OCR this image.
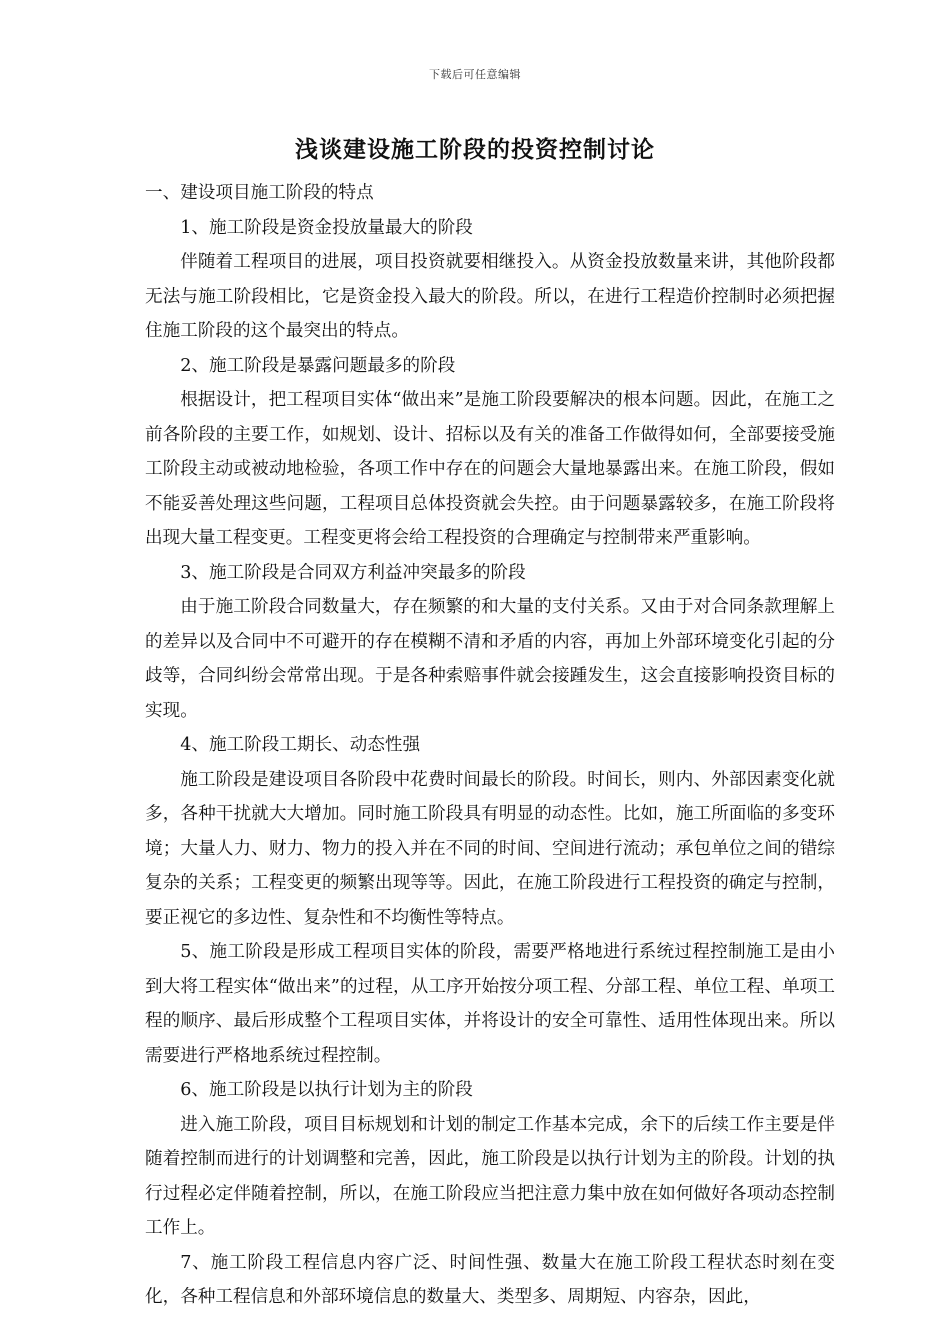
下载后可任意编辑
浅谈建设施工阶段的投资控制讨论

一、建设项目施工阶段的特点

1、施工阶段是资金投放量最大的阶段

伴随着工程项目的进展，项目投资就要相继投入。从资金投放数量来讲，其他阶段都无法与施工阶段相比，它是资金投入最大的阶段。所以，在进行工程造价控制时必须把握住施工阶段的这个最突出的特点。

2、施工阶段是暴露问题最多的阶段

根据设计，把工程项目实体“做出来”是施工阶段要解决的根本问题。因此，在施工之前各阶段的主要工作，如规划、设计、招标以及有关的准备工作做得如何，全部要接受施工阶段主动或被动地检验，各项工作中存在的问题会大量地暴露出来。在施工阶段，假如不能妥善处理这些问题，工程项目总体投资就会失控。由于问题暴露较多，在施工阶段将出现大量工程变更。工程变更将会给工程投资的合理确定与控制带来严重影响。

3、施工阶段是合同双方利益冲突最多的阶段

由于施工阶段合同数量大，存在频繁的和大量的支付关系。又由于对合同条款理解上的差异以及合同中不可避开的存在模糊不清和矛盾的内容，再加上外部环境变化引起的分歧等，合同纠纷会常常出现。于是各种索赔事件就会接踵发生，这会直接影响投资目标的实现。

4、施工阶段工期长、动态性强

施工阶段是建设项目各阶段中花费时间最长的阶段。时间长，则内、外部因素变化就多，各种干扰就大大增加。同时施工阶段具有明显的动态性。比如，施工所面临的多变环境；大量人力、财力、物力的投入并在不同的时间、空间进行流动；承包单位之间的错综复杂的关系；工程变更的频繁出现等等。因此，在施工阶段进行工程投资的确定与控制，要正视它的多边性、复杂性和不均衡性等特点。

5、施工阶段是形成工程项目实体的阶段，需要严格地进行系统过程控制施工是由小到大将工程实体“做出来”的过程，从工序开始按分项工程、分部工程、单位工程、单项工程的顺序、最后形成整个工程项目实体，并将设计的安全可靠性、适用性体现出来。所以需要进行严格地系统过程控制。

6、施工阶段是以执行计划为主的阶段

进入施工阶段，项目目标规划和计划的制定工作基本完成，余下的后续工作主要是伴随着控制而进行的计划调整和完善，因此，施工阶段是以执行计划为主的阶段。计划的执行过程必定伴随着控制，所以，在施工阶段应当把注意力集中放在如何做好各项动态控制工作上。

7、施工阶段工程信息内容广泛、时间性强、数量大在施工阶段工程状态时刻在变化，各种工程信息和外部环境信息的数量大、类型多、周期短、内容杂，因此，
